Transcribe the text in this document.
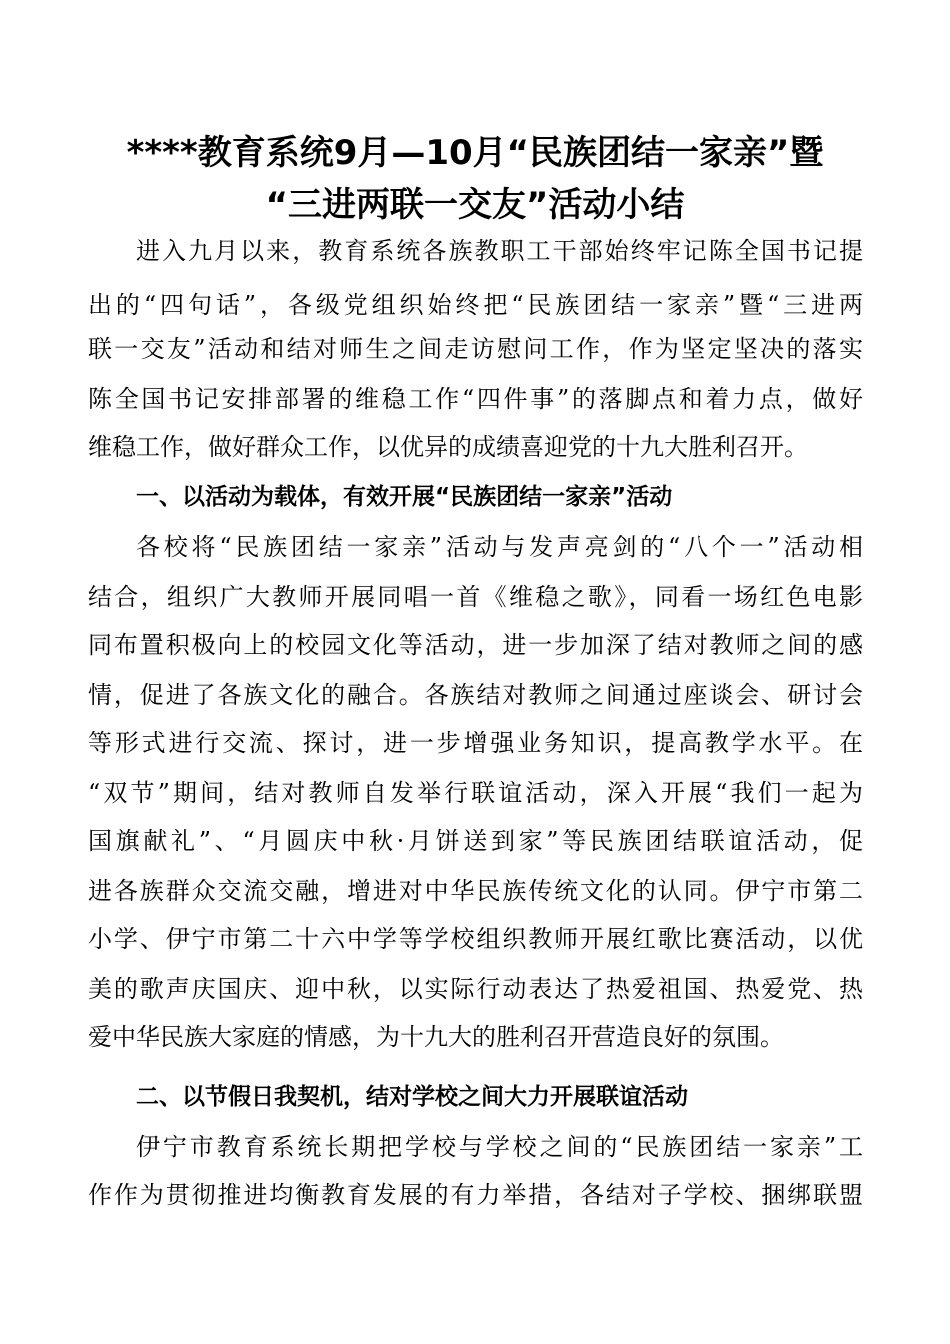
****教育系统9月—10月“民族团结一家亲”暨
“三进两联一交友”活动小结
进入九月以来，教育系统各族教职工干部始终牢记陈全国书记提
出的“四句话”，各级党组织始终把“民族团结一家亲”暨“三进两
联一交友”活动和结对师生之间走访慰问工作，作为坚定坚决的落实
陈全国书记安排部署的维稳工作“四件事”的落脚点和着力点，做好
维稳工作，做好群众工作，以优异的成绩喜迎党的十九大胜利召开。
一、以活动为载体，有效开展“民族团结一家亲”活动
各校将“民族团结一家亲”活动与发声亮剑的“八个一”活动相
结合，组织广大教师开展同唱一首《维稳之歌》，同看一场红色电影
同布置积极向上的校园文化等活动，进一步加深了结对教师之间的感
情，促进了各族文化的融合。各族结对教师之间通过座谈会、研讨会
等形式进行交流、探讨，进一步增强业务知识，提高教学水平。在
“双节”期间，结对教师自发举行联谊活动，深入开展“我们一起为
国旗献礼”、“月圆庆中秋·月饼送到家”等民族团结联谊活动，促
进各族群众交流交融，增进对中华民族传统文化的认同。伊宁市第二
小学、伊宁市第二十六中学等学校组织教师开展红歌比赛活动，以优
美的歌声庆国庆、迎中秋，以实际行动表达了热爱祖国、热爱党、热
爱中华民族大家庭的情感，为十九大的胜利召开营造良好的氛围。
二、以节假日我契机，结对学校之间大力开展联谊活动
伊宁市教育系统长期把学校与学校之间的“民族团结一家亲”工
作作为贯彻推进均衡教育发展的有力举措，各结对子学校、捆绑联盟
